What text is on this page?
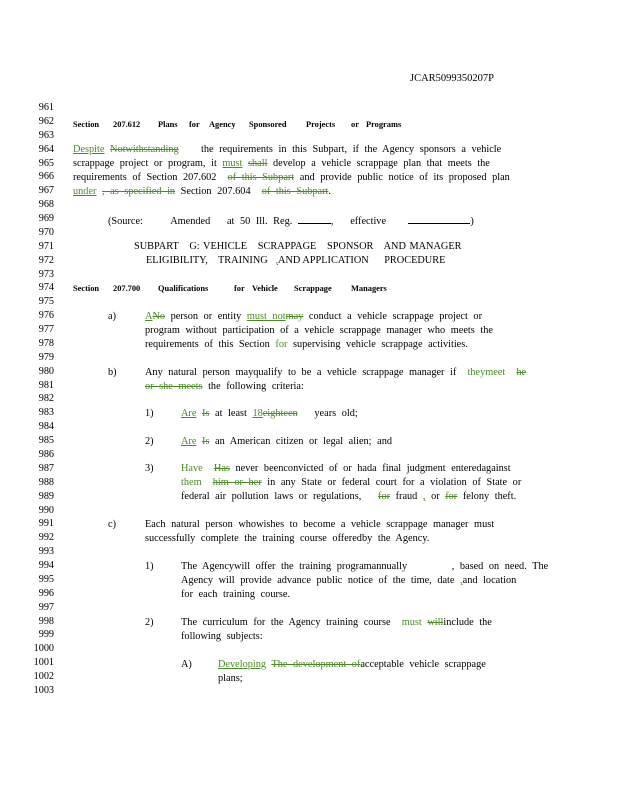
JCAR5099350207P
961
962
963
964
965
966
967
968
969
970
971
972
973
974
975
976
977
978
979
980
981
982
983
984
985
986
987
988
989
990
991
992
993
994
995
996
997
998
999
1000
1001
1002
1003
Section 207.612 Plans for Agency Sponsored Projects or Programs
Despite Notwithstanding the requirements in this Subpart, if the Agency sponsors a vehicle
scrappage project or program, it must shall develop a vehicle scrappage plan that meets the
requirements of Section 207.602 of this Subpart and provide public notice of its proposed plan
under , as specified in Section 207.604 of this Subpart.
(Source:	Amended at 50 Ill. Reg.	, effective	)
SUBPART   G: VEHICLE   SCRAPPAGE   SPONSOR   AND MANAGER
ELIGIBILITY,    TRAINING ,AND APPLICATION PROCEDURE
Section 207.700 Qualifications	for Vehicle Scrappage Managers
a)	ANo person or entity must notmay conduct a vehicle scrappage project or
program without participation of a vehicle scrappage manager who meets the
requirements of this Section for supervising vehicle scrappage activities.
b)	Any natural person mayqualify to be a vehicle scrappage manager if theymeet he
or she meets the following criteria:
1)	Are Is at least 18eighteen years old;
2)	Are Is an American citizen or legal alien; and
3)	Have Has never beenconvicted of or hada final judgment enteredagainst
them him or her in any State or federal court for a violation of State or
federal air pollution laws or regulations, for fraud , or for felony theft.
c)	Each natural person whowishes to become a vehicle scrappage manager must
successfully complete the training course offeredby the Agency.
1)	The Agencywill offer the training programannually	, based on need. The
Agency will provide advance public notice of the time, date ,and location
for each training course.
2)	The curriculum for the Agency training course must willinclude the
following subjects:
A)	Developing The development ofacceptable vehicle scrappage
plans;
